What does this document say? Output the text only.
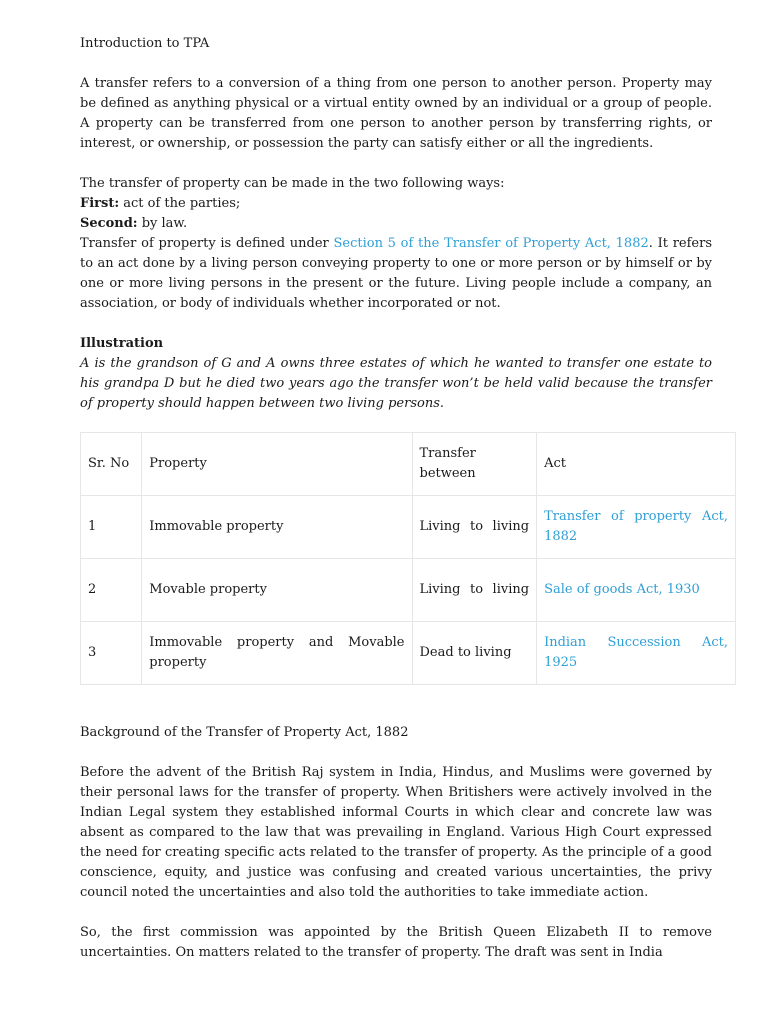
Introduction to TPA

A transfer refers to a conversion of a thing from one person to another person. Property may be defined as anything physical or a virtual entity owned by an individual or a group of people. A property can be transferred from one person to another person by transferring rights, or interest, or ownership, or possession the party can satisfy either or all the ingredients.

The transfer of property can be made in the two following ways:

First: act of the parties;

Second: by law.

Transfer of property is defined under Section 5 of the Transfer of Property Act, 1882. It refers to an act done by a living person conveying property to one or more person or by himself or by one or more living persons in the present or the future. Living people include a company, an association, or body of individuals whether incorporated or not.

Illustration

A is the grandson of G and A owns three estates of which he wanted to transfer one estate to his grandpa D but he died two years ago the transfer won’t be held valid because the transfer of property should happen between two living persons.

Sr. No	Property	Transfer between	Act
1	Immovable property	Living to living	Transfer of property Act, 1882
2	Movable property	Living to living	Sale of goods Act, 1930
3	Immovable property and Movable property	Dead to living	Indian Succession Act, 1925

Background of the Transfer of Property Act, 1882

Before the advent of the British Raj system in India, Hindus, and Muslims were governed by their personal laws for the transfer of property. When Britishers were actively involved in the Indian Legal system they established informal Courts in which clear and concrete law was absent as compared to the law that was prevailing in England. Various High Court expressed the need for creating specific acts related to the transfer of property. As the principle of a good conscience, equity, and justice was confusing and created various uncertainties, the privy council noted the uncertainties and also told the authorities to take immediate action.

So, the first commission was appointed by the British Queen Elizabeth II to remove uncertainties. On matters related to the transfer of property. The draft was sent in India
